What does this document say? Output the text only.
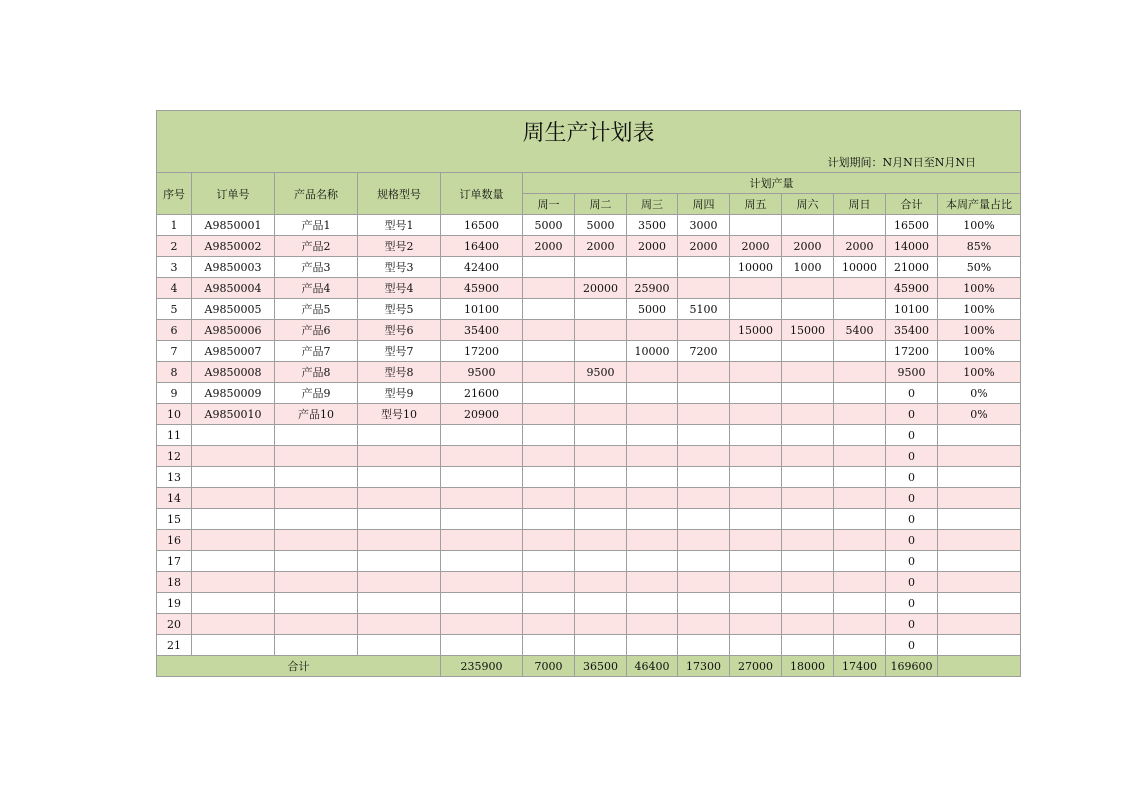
周生产计划表													
计划期间：N月N日至N月N日													
序号	订单号	产品名称	规格型号	订单数量	计划产量								
					周一	周二	周三	周四	周五	周六	周日	合计	本周产量占比
1	A9850001	产品1	型号1	16500	5000	5000	3500	3000				16500	100%
2	A9850002	产品2	型号2	16400	2000	2000	2000	2000	2000	2000	2000	14000	85%
3	A9850003	产品3	型号3	42400					10000	1000	10000	21000	50%
4	A9850004	产品4	型号4	45900		20000	25900					45900	100%
5	A9850005	产品5	型号5	10100			5000	5100				10100	100%
6	A9850006	产品6	型号6	35400					15000	15000	5400	35400	100%
7	A9850007	产品7	型号7	17200			10000	7200				17200	100%
8	A9850008	产品8	型号8	9500		9500						9500	100%
9	A9850009	产品9	型号9	21600								0	0%
10	A9850010	产品10	型号10	20900								0	0%
11												0	
12												0	
13												0	
14												0	
15												0	
16												0	
17												0	
18												0	
19												0	
20												0	
21												0	
合计				235900	7000	36500	46400	17300	27000	18000	17400	169600	
